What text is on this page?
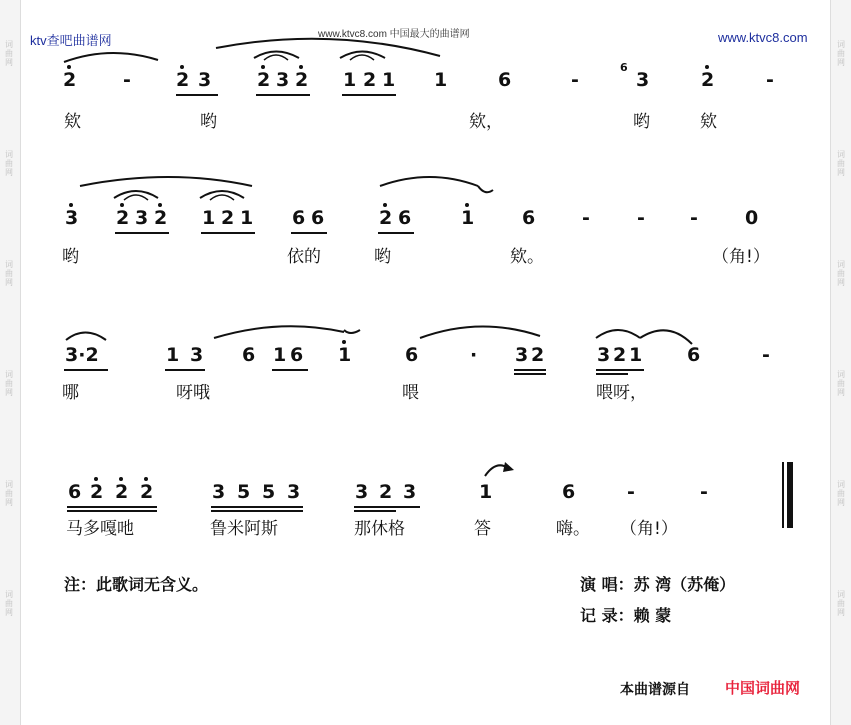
词
曲
网
词
曲
网
词
曲
网
词
曲
网
词
曲
网
词
曲
网
词
曲
网
词
曲
网
词
曲
网
词
曲
网
词
曲
网
词
曲
网
ktv查吧曲谱网	www.ktvc8.com 中国最大的曲谱网	www.ktvc8.com
2 - 2 3 2 3 2 1 2 1 1	6	-
6
3	2	-
欸	哟	欸，	哟	欸
3 2 3 2 1 2 1 6 6	2 6	1	6 - - - 0
哟	依的	哟	欸。	（角!）
3·2	1 3 6 1 6 1	6	· 3 2	3 2 1 6	-
哪	呀哦	喂	喂呀，
6 2 2 2	3 5 5 3	3 2 3	1	6	-	-
马多嘎吔	鲁米阿斯	那休格	答	嗨。 （角!）
注：此歌词无含义。	演 唱：苏 湾（苏俺）
记 录：赖 蒙
本曲谱源自 中国词曲网
